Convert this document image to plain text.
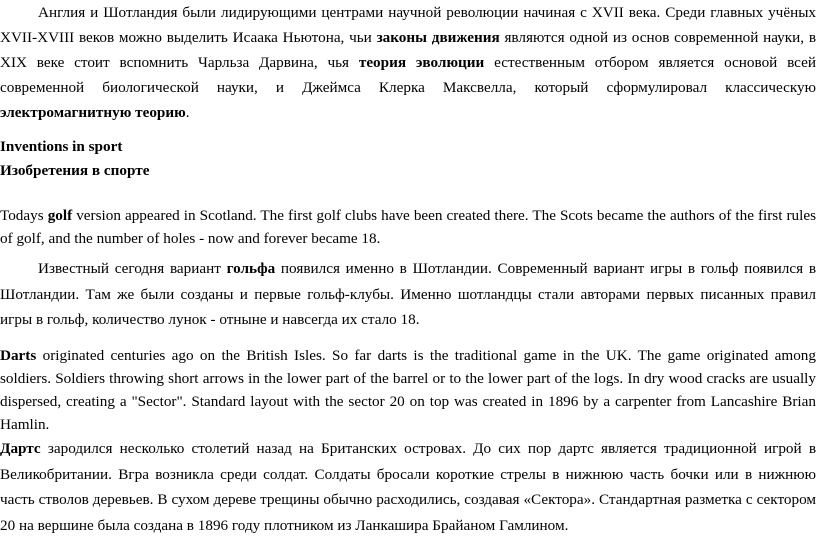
Англия и Шотландия были лидирующими центрами научной революции начиная с XVII века. Среди главных учёных XVII-XVIII веков можно выделить Исаака Ньютона, чьи законы движения являются одной из основ современной науки, в XIX веке стоит вспомнить Чарльза Дарвина, чья теория эволюции естественным отбором является основой всей современной биологической науки, и Джеймса Клерка Максвелла, который сформулировал классическую электромагнитную теорию.

Inventions in sport
Изобретения в спорте

Todays golf version appeared in Scotland. The first golf clubs have been created there. The Scots became the authors of the first rules of golf, and the number of holes - now and forever became 18.

Известный сегодня вариант гольфа появился именно в Шотландии. Современный вариант игры в гольф появился в Шотландии. Там же были созданы и первые гольф-клубы. Именно шотландцы стали авторами первых писанных правил игры в гольф, количество лунок - отныне и навсегда их стало 18.

Darts originated centuries ago on the British Isles. So far darts is the traditional game in the UK. The game originated among soldiers. Soldiers throwing short arrows in the lower part of the barrel or to the lower part of the logs. In dry wood cracks are usually dispersed, creating a "Sector". Standard layout with the sector 20 on top was created in 1896 by a carpenter from Lancashire Brian Hamlin.

Дартс зародился несколько столетий назад на Британских островах. До сих пор дартс является традиционной игрой в Великобритании. Вгра возникла среди солдат. Солдаты бросали короткие стрелы в нижнюю часть бочки или в нижнюю часть стволов деревьев. В сухом дереве трещины обычно расходились, создавая «Сектора». Стандартная разметка с сектором 20 на вершине была создана в 1896 году плотником из Ланкашира Брайаном Гамлином.
